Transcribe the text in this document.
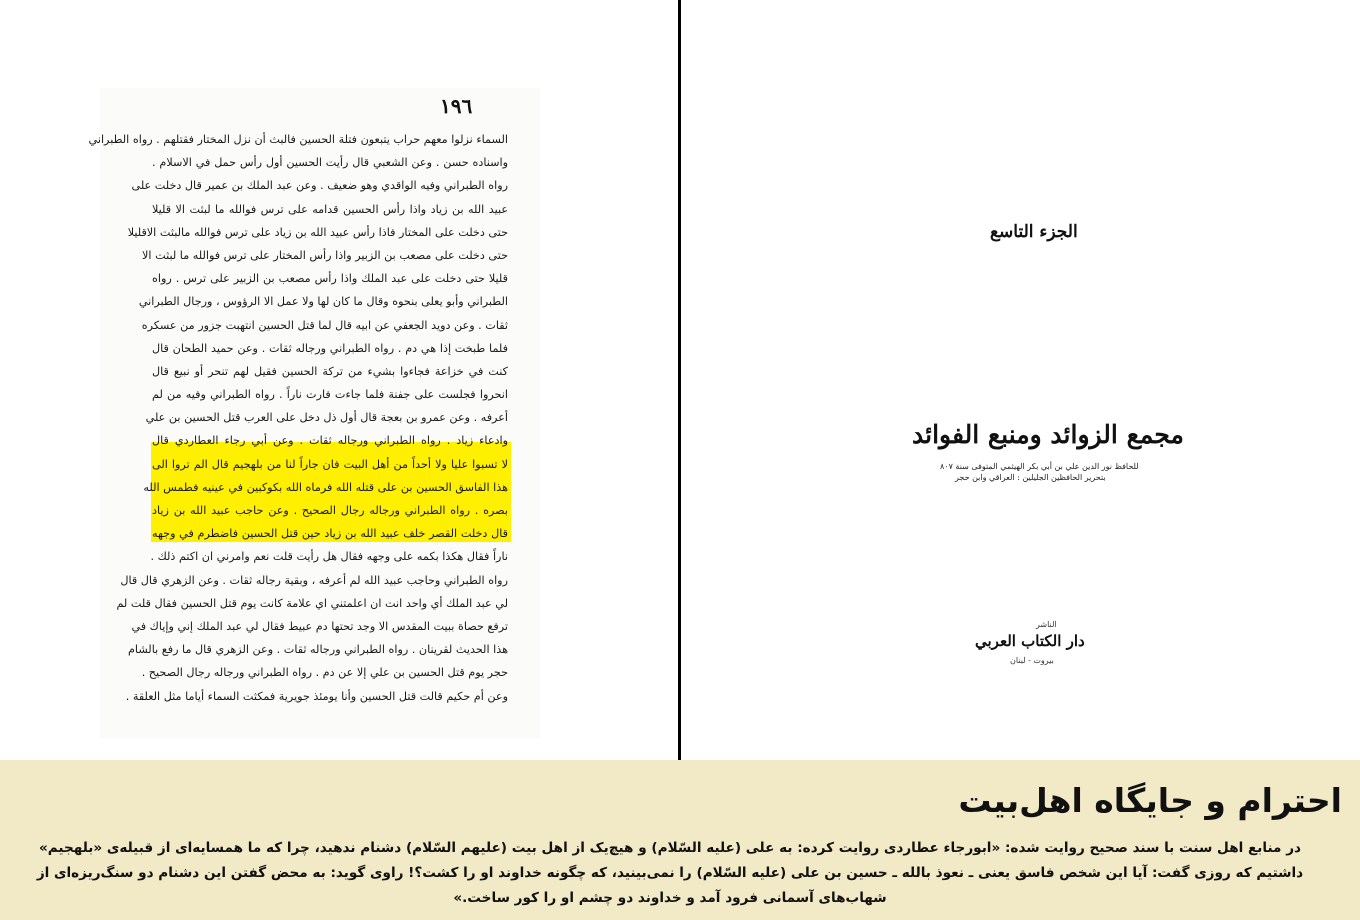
١٩٦
السماء نزلوا معهم حراب يتبعون فتلة الحسين فالبث أن نزل المختار فقتلهم . رواه الطبراني
واسناده حسن . وعن الشعبي قال رأيت الحسين أول رأس حمل في الاسلام .
رواه الطبراني وفيه الواقدي وهو ضعيف . وعن عبد الملك بن عمير قال دخلت على
عبيد الله بن زياد واذا رأس الحسين قدامه على ترس فوالله ما لبثت الا قليلا
حتى دخلت على المختار فاذا رأس عبيد الله بن زياد على ترس فوالله مالبثت الاقليلا
حتى دخلت على مصعب بن الزبير واذا رأس المختار على ترس فوالله ما لبثت الا
قليلا حتى دخلت على عبد الملك واذا رأس مصعب بن الزبير على ترس . رواه
الطبراني وأبو يعلى بنحوه وقال ما كان لها ولا عمل الا الرؤوس ، ورجال الطبراني
ثقات . وعن دويد الجعفي عن ابيه قال لما قتل الحسين انتهبت جزور من عسكره
فلما طبخت إذا هي دم . رواه الطبراني ورجاله ثقات . وعن حميد الطحان قال
كنت في خزاعة فجاءوا بشيء من تركة الحسين فقيل لهم تنحر أو نبيع قال
انحروا فجلست على جفنة فلما جاءت فارت ناراً . رواه الطبراني وفيه من لم
أعرفه . وعن عمرو بن بعجة قال أول ذل دخل على العرب قتل الحسين بن علي
وادعاء زياد . رواه الطبراني ورجاله ثقات . وعن أبي رجاء العطاردي قال
لا تسبوا عليا ولا أحداً من أهل البيت فان جاراً لنا من بلهجيم قال الم تروا الى
هذا الفاسق الحسين بن على قتله الله فرماه الله بكوكبين في عينيه فطمس الله
بصره . رواه الطبراني ورجاله رجال الصحيح . وعن حاجب عبيد الله بن زياد
قال دخلت القصر خلف عبيد الله بن زياد حين قتل الحسين فاضطرم في وجهه
ناراً فقال هكذا بكمه على وجهه فقال هل رأيت قلت نعم وامرني ان اكتم ذلك .
رواه الطبراني وحاجب عبيد الله لم أعرفه ، وبقية رجاله ثقات . وعن الزهري قال قال
لي عبد الملك أي واحد انت ان اعلمتني اي علامة كانت يوم قتل الحسين فقال قلت لم
ترفع حصاة ببيت المقدس الا وجد تحتها دم عبيط فقال لي عبد الملك إني وإياك في
هذا الحديث لقرينان . رواه الطبراني ورجاله ثقات . وعن الزهري قال ما رفع بالشام
حجر يوم قتل الحسين بن علي إلا عن دم . رواه الطبراني ورجاله رجال الصحيح .
وعن أم حكيم قالت قتل الحسين وأنا يومئذ جويرية فمكثت السماء أياما مثل العلقة .
الجزء التاسع
مجمع الزوائد ومنبع الفوائد
للحافظ نور الدين علي بن أبي بكر الهيثمي المتوفى سنة ٨٠٧
بتحرير الحافظين الجليلين : العراقي وابن حجر
الناشر
دار الكتاب العربي
بيروت - لبنان
احترام و جایگاه اهل‌بیت
در منابع اهل سنت با سند صحیح روایت شده: «ابورجاء عطاردی روایت کرده: به علی (علیه السّلام) و هیچ‌یک از اهل بیت (علیهم السّلام) دشنام ندهید، چرا که ما همسایه‌ای از قبیله‌ی «بلهجیم» داشتیم که روزی گفت: آیا این شخص فاسق یعنی ـ نعوذ بالله ـ حسین بن علی (علیه السّلام) را نمی‌بینید، که چگونه خداوند او را کشت؟! راوی گوید: به محض گفتن این دشنام دو سنگ‌ریزه‌ای از شهاب‌های آسمانی فرود آمد و خداوند دو چشم او را کور ساخت.»
